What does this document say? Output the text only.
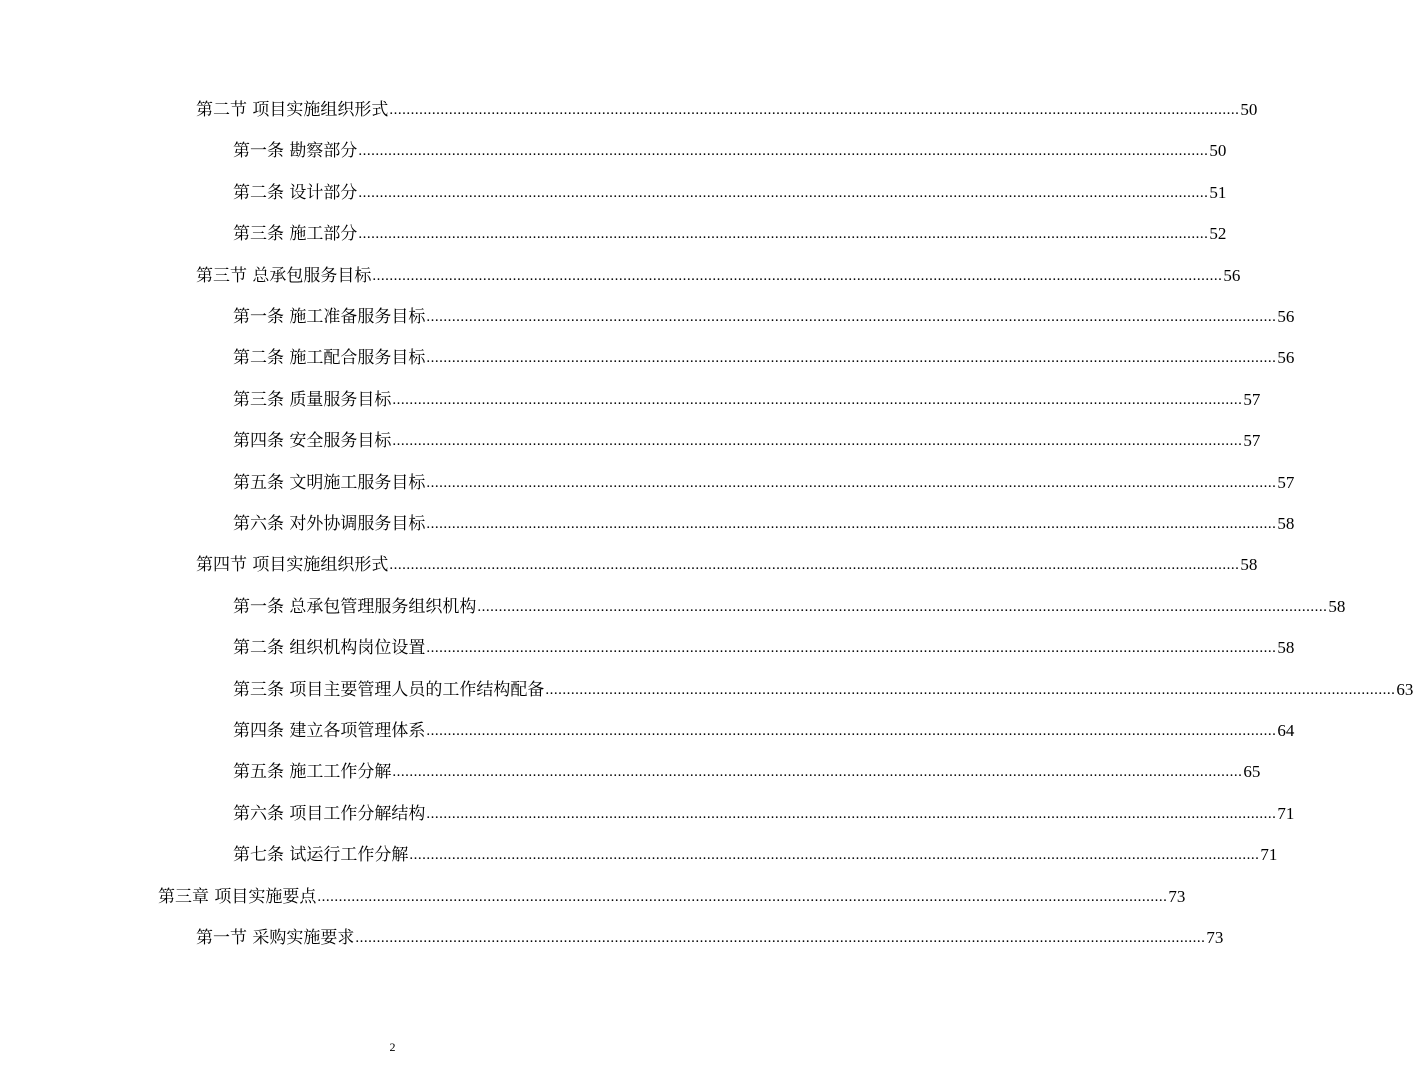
第二节 项目实施组织形式 ........................................................................................................................................................................................................ 50
第一条 勘察部分 ........................................................................................................................................................................................................ 50
第二条 设计部分 ........................................................................................................................................................................................................ 51
第三条 施工部分 ........................................................................................................................................................................................................ 52
第三节 总承包服务目标 ........................................................................................................................................................................................................ 56
第一条 施工准备服务目标 ........................................................................................................................................................................................................ 56
第二条 施工配合服务目标 ........................................................................................................................................................................................................ 56
第三条 质量服务目标 ........................................................................................................................................................................................................ 57
第四条 安全服务目标 ........................................................................................................................................................................................................ 57
第五条 文明施工服务目标 ........................................................................................................................................................................................................ 57
第六条 对外协调服务目标 ........................................................................................................................................................................................................ 58
第四节 项目实施组织形式 ........................................................................................................................................................................................................ 58
第一条 总承包管理服务组织机构 ........................................................................................................................................................................................................ 58
第二条 组织机构岗位设置 ........................................................................................................................................................................................................ 58
第三条 项目主要管理人员的工作结构配备 ........................................................................................................................................................................................................ 63
第四条 建立各项管理体系 ........................................................................................................................................................................................................ 64
第五条 施工工作分解 ........................................................................................................................................................................................................ 65
第六条 项目工作分解结构 ........................................................................................................................................................................................................ 71
第七条 试运行工作分解 ........................................................................................................................................................................................................ 71
第三章 项目实施要点 ........................................................................................................................................................................................................ 73
第一节 采购实施要求 ........................................................................................................................................................................................................ 73
2
